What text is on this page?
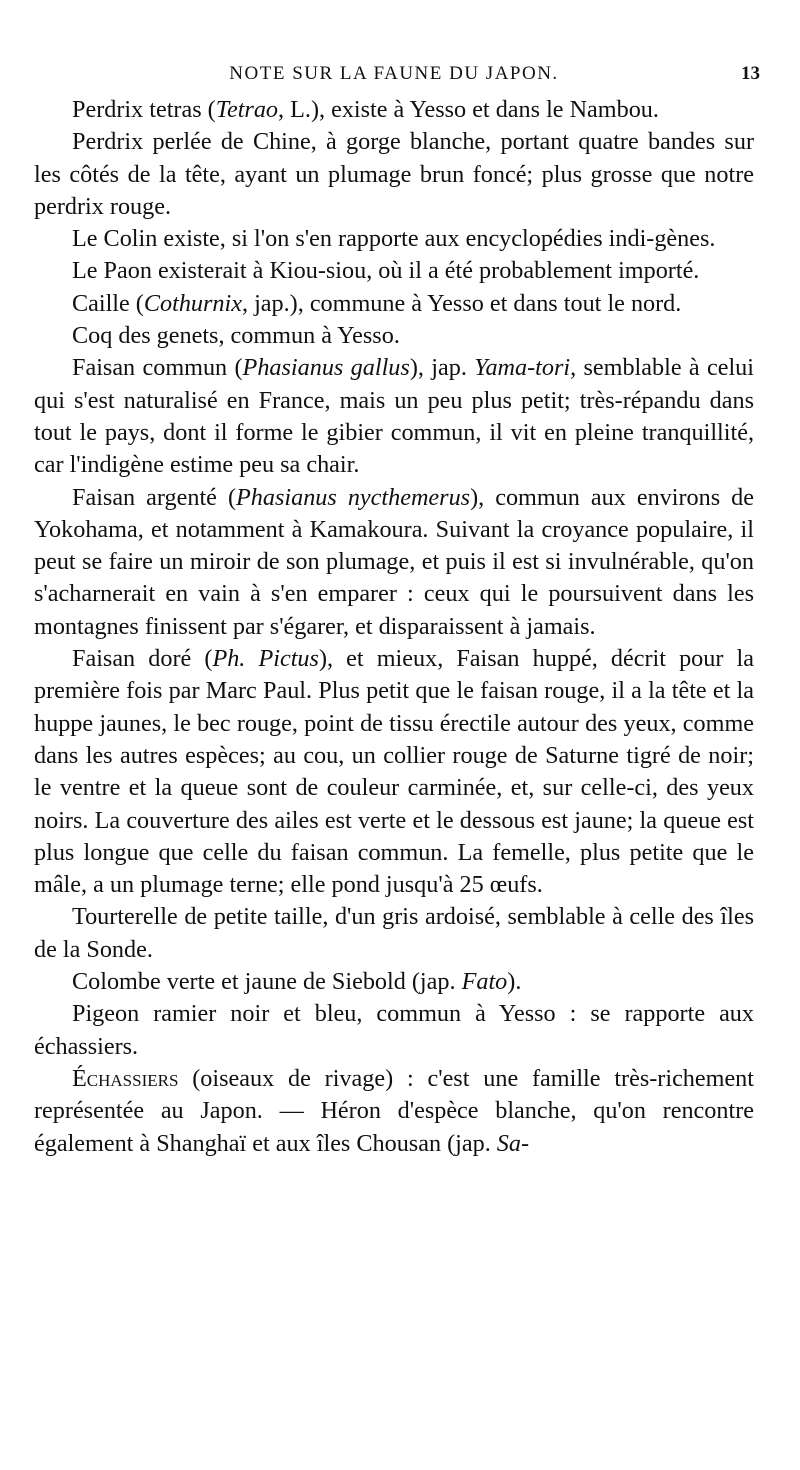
NOTE SUR LA FAUNE DU JAPON.	13

Perdrix tetras (Tetrao, L.), existe à Yesso et dans le Nambou.

Perdrix perlée de Chine, à gorge blanche, portant quatre bandes sur les côtés de la tête, ayant un plumage brun foncé; plus grosse que notre perdrix rouge.

Le Colin existe, si l'on s'en rapporte aux encyclopédies indi-gènes.

Le Paon existerait à Kiou-siou, où il a été probablement importé.

Caille (Cothurnix, jap.), commune à Yesso et dans tout le nord.

Coq des genets, commun à Yesso.

Faisan commun (Phasianus gallus), jap. Yama-tori, semblable à celui qui s'est naturalisé en France, mais un peu plus petit; très-répandu dans tout le pays, dont il forme le gibier commun, il vit en pleine tranquillité, car l'indigène estime peu sa chair.

Faisan argenté (Phasianus nycthemerus), commun aux environs de Yokohama, et notamment à Kamakoura. Suivant la croyance populaire, il peut se faire un miroir de son plumage, et puis il est si invulnérable, qu'on s'acharnerait en vain à s'en emparer : ceux qui le poursuivent dans les montagnes finissent par s'égarer, et disparaissent à jamais.

Faisan doré (Ph. Pictus), et mieux, Faisan huppé, décrit pour la première fois par Marc Paul. Plus petit que le faisan rouge, il a la tête et la huppe jaunes, le bec rouge, point de tissu érectile autour des yeux, comme dans les autres espèces; au cou, un collier rouge de Saturne tigré de noir; le ventre et la queue sont de couleur carminée, et, sur celle-ci, des yeux noirs. La couverture des ailes est verte et le dessous est jaune; la queue est plus longue que celle du faisan commun. La femelle, plus petite que le mâle, a un plumage terne; elle pond jusqu'à 25 œufs.

Tourterelle de petite taille, d'un gris ardoisé, semblable à celle des îles de la Sonde.

Colombe verte et jaune de Siebold (jap. Fato).

Pigeon ramier noir et bleu, commun à Yesso : se rapporte aux échassiers.

Échassiers (oiseaux de rivage) : c'est une famille très-richement représentée au Japon. — Héron d'espèce blanche, qu'on rencontre également à Shanghaï et aux îles Chousan (jap. Sa-
